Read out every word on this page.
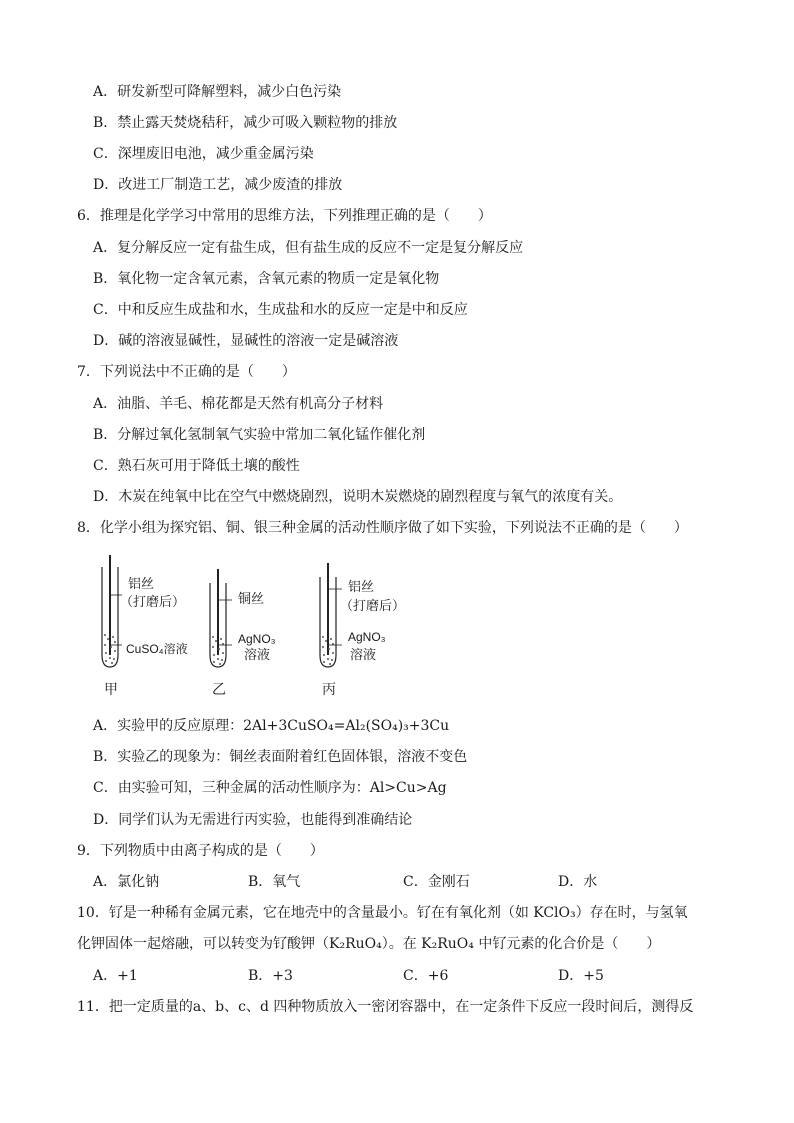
A．研发新型可降解塑料，减少白色污染
B．禁止露天焚烧秸秆，减少可吸入颗粒物的排放
C．深埋废旧电池，减少重金属污染
D．改进工厂制造工艺，减少废渣的排放
6．推理是化学学习中常用的思维方法，下列推理正确的是（　　）
A．复分解反应一定有盐生成，但有盐生成的反应不一定是复分解反应
B．氧化物一定含氧元素，含氧元素的物质一定是氧化物
C．中和反应生成盐和水，生成盐和水的反应一定是中和反应
D．碱的溶液显碱性，显碱性的溶液一定是碱溶液
7．下列说法中不正确的是（　　）
A．油脂、羊毛、棉花都是天然有机高分子材料
B．分解过氧化氢制氧气实验中常加二氧化锰作催化剂
C．熟石灰可用于降低土壤的酸性
D．木炭在纯氧中比在空气中燃烧剧烈，说明木炭燃烧的剧烈程度与氧气的浓度有关。
8．化学小组为探究铝、铜、银三种金属的活动性顺序做了如下实验，下列说法不正确的是（　　）
铝丝
（打磨后）
CuSO₄溶液
甲
铜丝
AgNO₃
溶液
乙
铝丝
（打磨后）
AgNO₃
溶液
丙
A．实验甲的反应原理：2Al+3CuSO₄=Al₂(SO₄)₃+3Cu
B．实验乙的现象为：铜丝表面附着红色固体银，溶液不变色
C．由实验可知，三种金属的活动性顺序为：Al>Cu>Ag
D．同学们认为无需进行丙实验，也能得到准确结论
9．下列物质中由离子构成的是（　　）
A．氯化钠	B．氧气	C．金刚石	D．水
10．钌是一种稀有金属元素，它在地壳中的含量最小。钌在有氧化剂（如 KClO₃）存在时，与氢氧
化钾固体一起熔融，可以转变为钌酸钾（K₂RuO₄）。在 K₂RuO₄ 中钌元素的化合价是（　　）
A．+1	B．+3	C．+6	D．+5
11．把一定质量的a、b、c、d 四种物质放入一密闭容器中，在一定条件下反应一段时间后，测得反
